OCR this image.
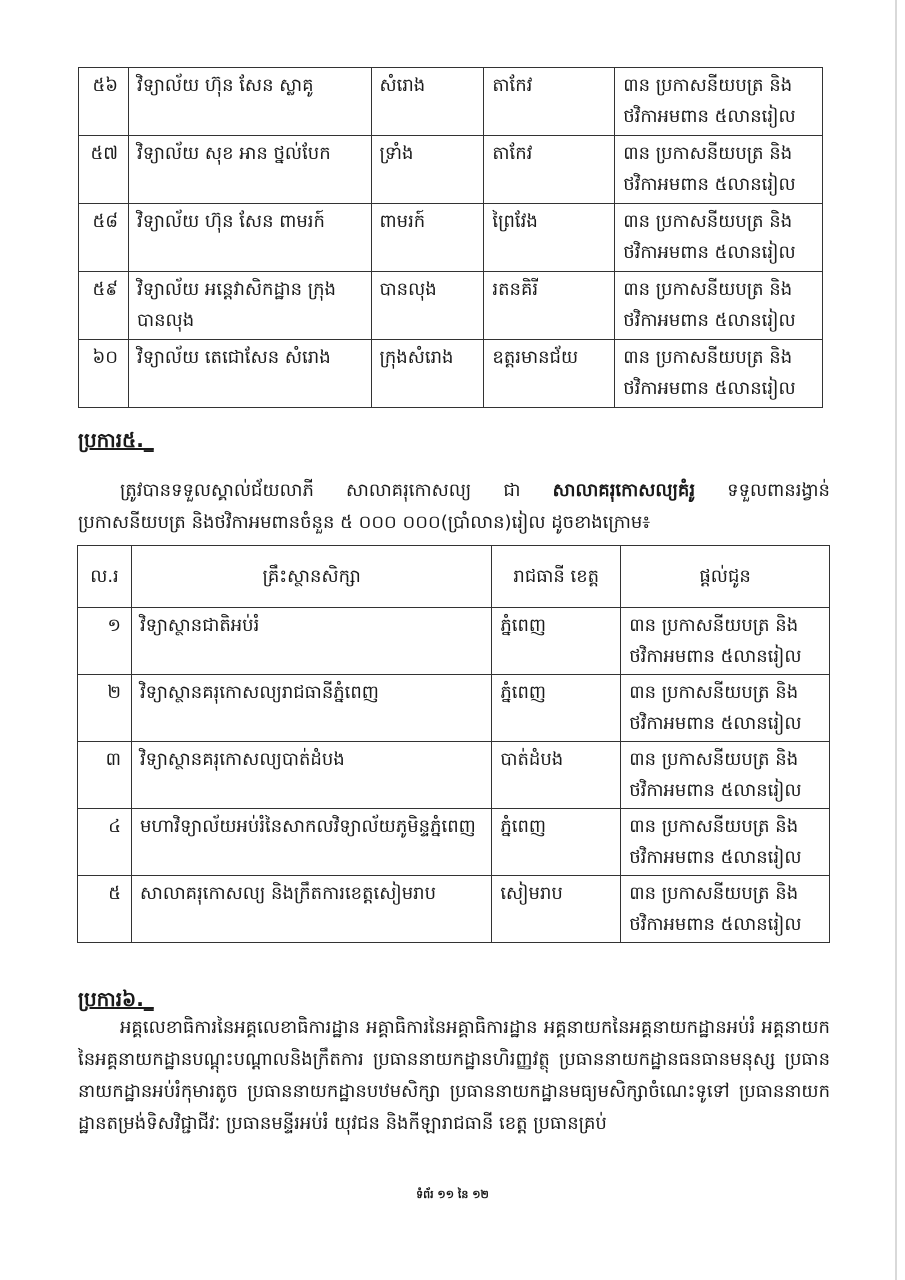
៥៦	វិទ្យាល័យ ហ៊ុន សែន ស្លាគូ	សំរោង	តាកែវ	៣ន ប្រកាសនីយបត្រ និង
ថវិកាអមពាន ៥លានរៀល

៥៧	វិទ្យាល័យ សុខ អាន ថ្នល់បែក	ទ្រាំង	តាកែវ	៣ន ប្រកាសនីយបត្រ និង
ថវិកាអមពាន ៥លានរៀល

៥៨	វិទ្យាល័យ ហ៊ុន សែន ពាមរក៍	ពាមរក៍	ព្រៃវែង	៣ន ប្រកាសនីយបត្រ និង
ថវិកាអមពាន ៥លានរៀល

៥៩	វិទ្យាល័យ អន្តេវាសិកដ្ឋាន ក្រុងបានលុង	បានលុង	រតនគិរី	៣ន ប្រកាសនីយបត្រ និង
ថវិកាអមពាន ៥លានរៀល

៦០	វិទ្យាល័យ តេជោសែន សំរោង	ក្រុងសំរោង	ឧត្តរមានជ័យ	៣ន ប្រកាសនីយបត្រ និង
ថវិកាអមពាន ៥លានរៀល
ប្រការ៥._

ត្រូវបានទទួលស្គាល់ជ័យលាភី សាលាគរុកោសល្យ ជា សាលាគរុកោសល្យគំរូ ទទួលពានរង្វាន់ ប្រកាសនីយបត្រ និងថវិកាអមពានចំនួន ៥ ០០០ ០០០(ប្រាំលាន)រៀល ដូចខាងក្រោម៖

ល.រ	គ្រឹះស្ថានសិក្សា	រាជធានី ខេត្ត	ផ្តល់ជូន
១	វិទ្យាស្ថានជាតិអប់រំ	ភ្នំពេញ	៣ន ប្រកាសនីយបត្រ និង
ថវិកាអមពាន ៥លានរៀល

២	វិទ្យាស្ថានគរុកោសល្យរាជធានីភ្នំពេញ	ភ្នំពេញ	៣ន ប្រកាសនីយបត្រ និង
ថវិកាអមពាន ៥លានរៀល

៣	វិទ្យាស្ថានគរុកោសល្យបាត់ដំបង	បាត់ដំបង	៣ន ប្រកាសនីយបត្រ និង
ថវិកាអមពាន ៥លានរៀល

៤	មហាវិទ្យាល័យអប់រំនៃសាកលវិទ្យាល័យភូមិន្ទភ្នំពេញ	ភ្នំពេញ	៣ន ប្រកាសនីយបត្រ និង
ថវិកាអមពាន ៥លានរៀល

៥	សាលាគរុកោសល្យ និងក្រឹតការខេត្តសៀមរាប	សៀមរាប	៣ន ប្រកាសនីយបត្រ និង
ថវិកាអមពាន ៥លានរៀល
ប្រការ៦._

អគ្គលេខាធិការនៃអគ្គលេខាធិការដ្ឋាន អគ្គាធិការនៃអគ្គាធិការដ្ឋាន អគ្គនាយកនៃអគ្គនាយកដ្ឋានអប់រំ អគ្គនាយកនៃអគ្គនាយកដ្ឋានបណ្តុះបណ្តាលនិងក្រឹតការ ប្រធាននាយកដ្ឋានហិរញ្ញវត្ថុ ប្រធាននាយកដ្ឋានធនធានមនុស្ស ប្រធាននាយកដ្ឋានអប់រំកុមារតូច ប្រធាននាយកដ្ឋានបឋមសិក្សា ប្រធាននាយកដ្ឋានមធ្យមសិក្សាចំណេះទូទៅ ប្រធាននាយកដ្ឋានតម្រង់ទិសវិជ្ជាជីវៈ ប្រធានមន្ទីរអប់រំ យុវជន និងកីឡារាជធានី ខេត្ត ប្រធានគ្រប់

ទំព័រ ១១ នៃ ១២
